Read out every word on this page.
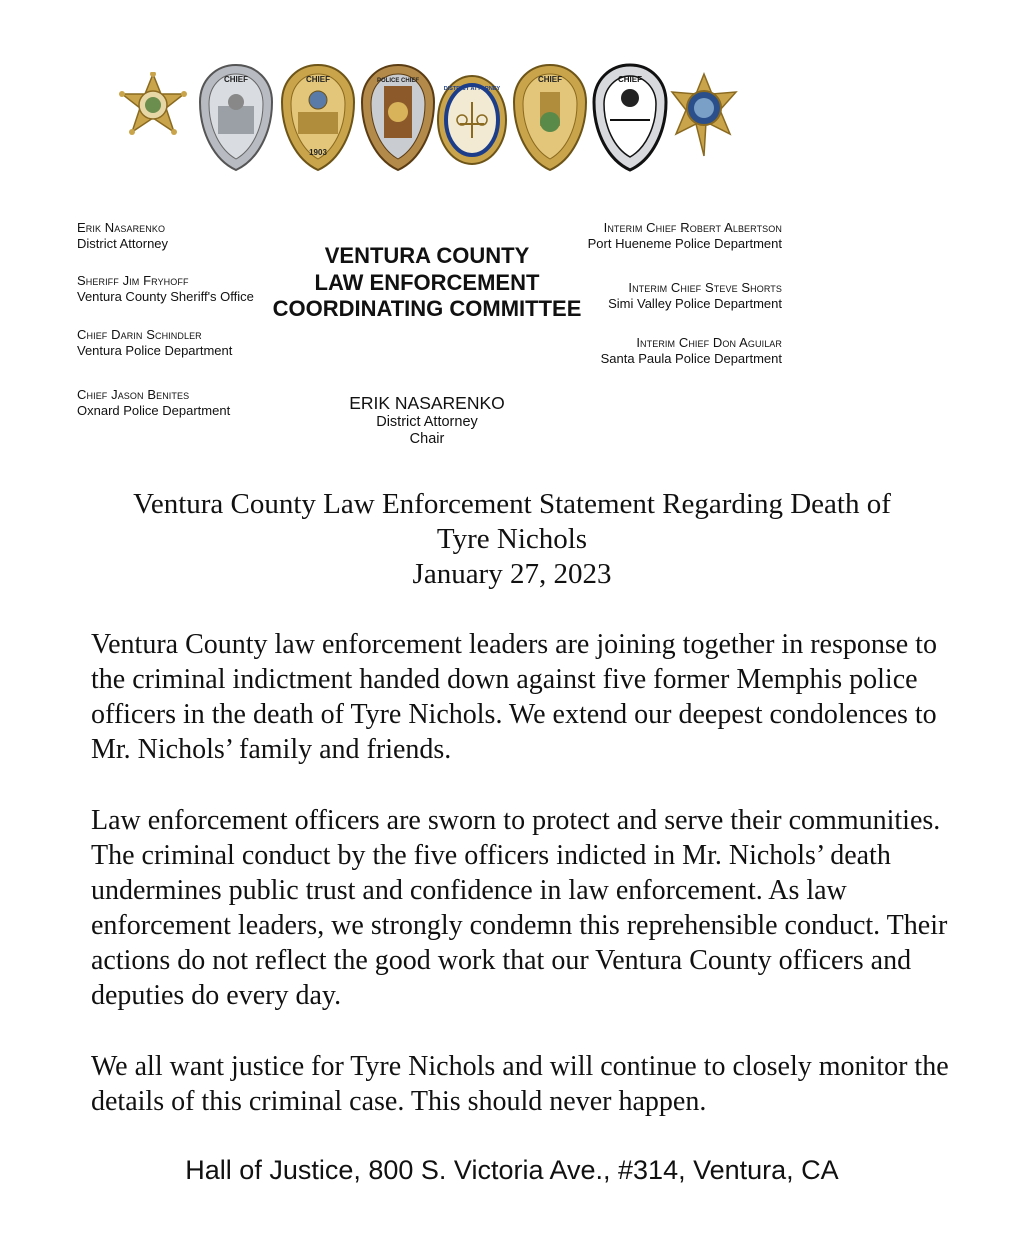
CHIEF	CHIEF
1903
POLICE CHIEF
DISTRICT ATTORNEY
CHIEF	CHIEF
Erik Nasarenko
District Attorney
Sheriff Jim Fryhoff
Ventura County Sheriff's Office
Chief Darin Schindler
Ventura Police Department
Chief Jason Benites
Oxnard Police Department
Interim Chief Robert Albertson
Port Hueneme Police Department
Interim Chief Steve Shorts
Simi Valley Police Department
Interim Chief Don Aguilar
Santa Paula Police Department
VENTURA COUNTY
LAW ENFORCEMENT
COORDINATING COMMITTEE
ERIK NASARENKO
District Attorney
Chair
Ventura County Law Enforcement Statement Regarding Death of
Tyre Nichols
January 27, 2023
Ventura County law enforcement leaders are joining together in response to the criminal indictment handed down against five former Memphis police officers in the death of Tyre Nichols. We extend our deepest condolences to Mr. Nichols’ family and friends.
Law enforcement officers are sworn to protect and serve their communities. The criminal conduct by the five officers indicted in Mr. Nichols’ death undermines public trust and confidence in law enforcement. As law enforcement leaders, we strongly condemn this reprehensible conduct. Their actions do not reflect the good work that our Ventura County officers and deputies do every day.
We all want justice for Tyre Nichols and will continue to closely monitor the details of this criminal case. This should never happen.
Hall of Justice, 800 S. Victoria Ave., #314, Ventura, CA
